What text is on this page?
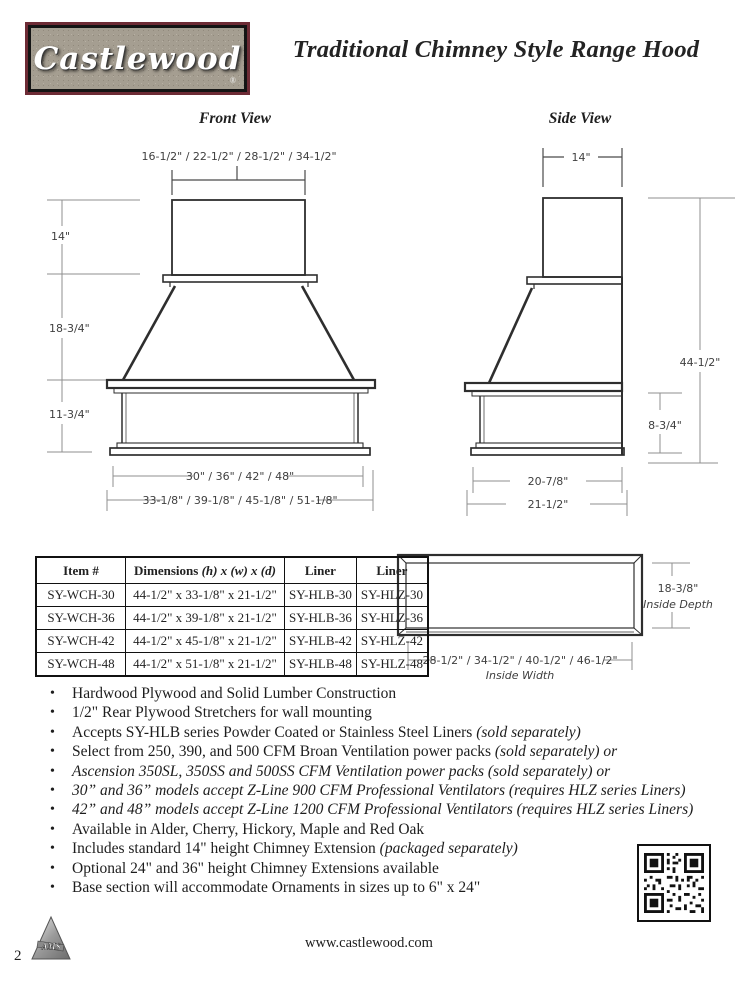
Castlewood
®
Traditional Chimney Style Range Hood
Front View	Side View
16-1/2" / 22-1/2" / 28-1/2" / 34-1/2"
14"
18-3/4"
11-3/4"
30" / 36" / 42" / 48"
33-1/8" / 39-1/8" / 45-1/8" / 51-1/8"
14"
44-1/2"
8-3/4"
20-7/8"
21-1/2"
18-3/8"
Inside Depth
28-1/2" / 34-1/2" / 40-1/2" / 46-1/2"
Inside Width
Item #	Dimensions (h) x (w) x (d)	Liner	Liner
SY-WCH-30	44-1/2" x 33-1/8" x 21-1/2"	SY-HLB-30	SY-HLZ-30
SY-WCH-36	44-1/2" x 39-1/8" x 21-1/2"	SY-HLB-36	SY-HLZ-36
SY-WCH-42	44-1/2" x 45-1/8" x 21-1/2"	SY-HLB-42	SY-HLZ-42
SY-WCH-48	44-1/2" x 51-1/8" x 21-1/2"	SY-HLB-48	SY-HLZ-48
• Hardwood Plywood and Solid Lumber Construction
• 1/2" Rear Plywood Stretchers for wall mounting
• Accepts SY-HLB series Powder Coated or Stainless Steel Liners (sold separately)
• Select from 250, 390, and 500 CFM Broan Ventilation power packs (sold separately) or
• Ascension 350SL, 350SS and 500SS CFM Ventilation power packs (sold separately) or
• 30” and 36” models accept Z-Line 900 CFM Professional Ventilators (requires HLZ series Liners)
• 42” and 48” models accept Z-Line 1200 CFM Professional Ventilators (requires HLZ series Liners)
• Available in Alder, Cherry, Hickory, Maple and Red Oak
• Includes standard 14" height Chimney Extension (packaged separately)
• Optional 24" and 36" height Chimney Extensions available
• Base section will accommodate Ornaments in sizes up to 6" x 24"
AMS	www.castlewood.com
2
